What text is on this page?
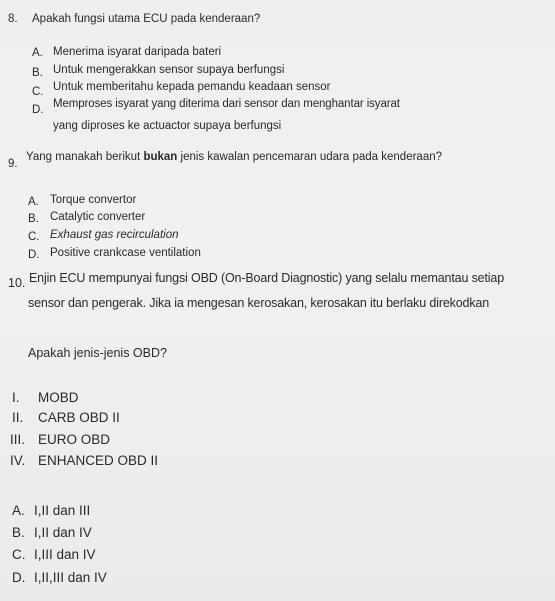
8. Apakah fungsi utama ECU pada kenderaan?
A. Menerima isyarat daripada bateri
B. Untuk mengerakkan sensor supaya berfungsi
C. Untuk memberitahu kepada pemandu keadaan sensor
D. Memproses isyarat yang diterima dari sensor dan menghantar isyarat
yang diproses ke actuactor supaya berfungsi
9.
Yang manakah berikut bukan jenis kawalan pencemaran udara pada kenderaan?
A. Torque convertor
B. Catalytic converter
C. Exhaust gas recirculation
D. Positive crankcase ventilation
10. Enjin ECU mempunyai fungsi OBD (On-Board Diagnostic) yang selalu memantau setiap
sensor dan pengerak. Jika ia mengesan kerosakan, kerosakan itu berlaku direkodkan
Apakah jenis-jenis OBD?
I. MOBD
II. CARB OBD II
III. EURO OBD
IV. ENHANCED OBD II
A. I,II dan III
B. I,II dan IV
C. I,III dan IV
D. I,II,III dan IV
